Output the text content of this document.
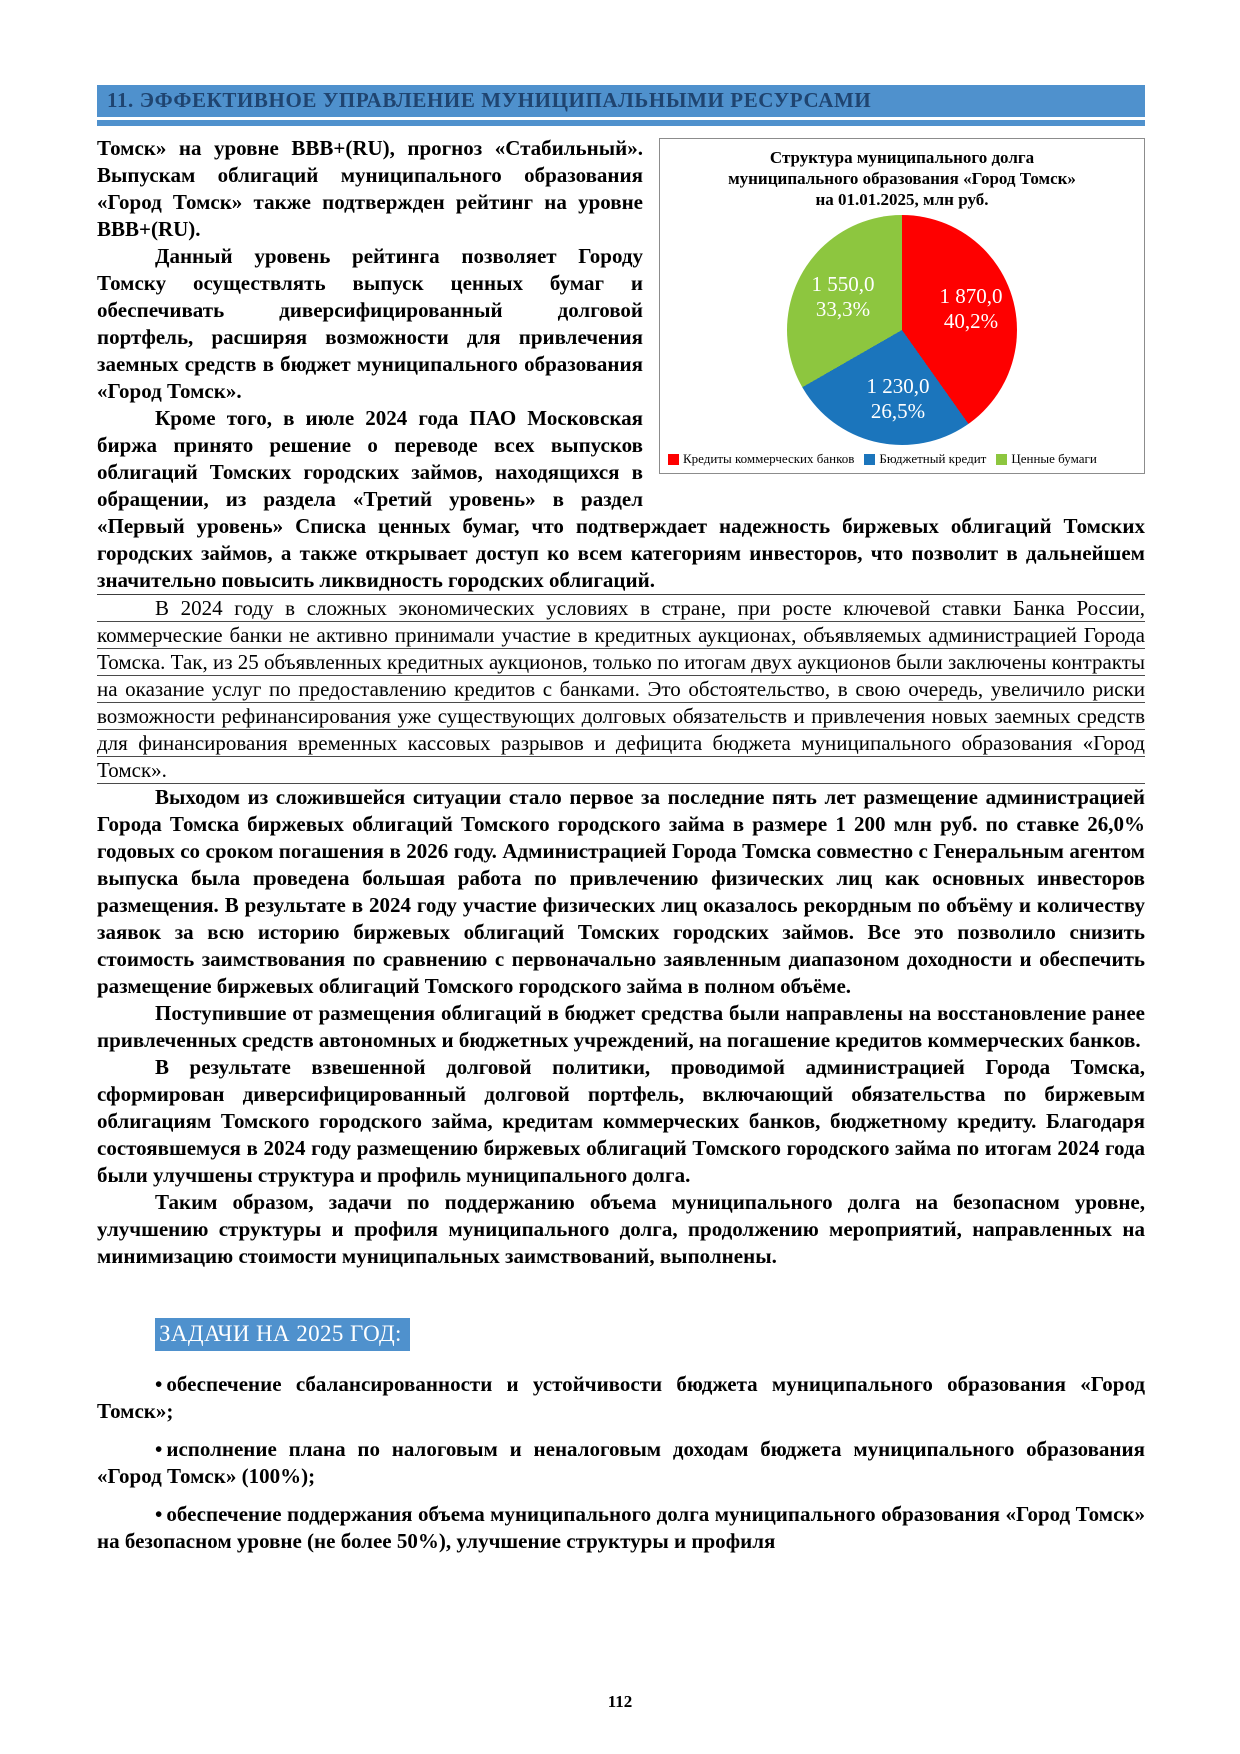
11. ЭФФЕКТИВНОЕ УПРАВЛЕНИЕ МУНИЦИПАЛЬНЫМИ РЕСУРСАМИ
Структура муниципального долга
муниципального образования «Город Томск»
на 01.01.2025, млн руб.
1 870,0
40,2%
1 230,0
26,5%
1 550,0
33,3%
Кредиты коммерческих банков Бюджетный кредит Ценные бумаги

Томск» на уровне BBB+(RU), прогноз «Стабильный». Выпускам облигаций муниципального образования «Город Томск» также подтвержден рейтинг на уровне BBB+(RU).

Данный уровень рейтинга позволяет Городу Томску осуществлять выпуск ценных бумаг и обеспечивать диверсифицированный долговой портфель, расширяя возможности для привлечения заемных средств в бюджет муниципального образования «Город Томск».

Кроме того, в июле 2024 года ПАО Московская биржа принято решение о переводе всех выпусков облигаций Томских городских займов, находящихся в обращении, из раздела «Третий уровень» в раздел «Первый уровень» Списка ценных бумаг, что подтверждает надежность биржевых облигаций Томских городских займов, а также открывает доступ ко всем категориям инвесторов, что позволит в дальнейшем значительно повысить ликвидность городских облигаций.

В 2024 году в сложных экономических условиях в стране, при росте ключевой ставки Банка России, коммерческие банки не активно принимали участие в кредитных аукционах, объявляемых администрацией Города Томска. Так, из 25 объявленных кредитных аукционов, только по итогам двух аукционов были заключены контракты на оказание услуг по предоставлению кредитов с банками. Это обстоятельство, в свою очередь, увеличило риски возможности рефинансирования уже существующих долговых обязательств и привлечения новых заемных средств для финансирования временных кассовых разрывов и дефицита бюджета муниципального образования «Город Томск».

Выходом из сложившейся ситуации стало первое за последние пять лет размещение администрацией Города Томска биржевых облигаций Томского городского займа в размере 1 200 млн руб. по ставке 26,0% годовых со сроком погашения в 2026 году. Администрацией Города Томска совместно с Генеральным агентом выпуска была проведена большая работа по привлечению физических лиц как основных инвесторов размещения. В результате в 2024 году участие физических лиц оказалось рекордным по объёму и количеству заявок за всю историю биржевых облигаций Томских городских займов. Все это позволило снизить стоимость заимствования по сравнению с первоначально заявленным диапазоном доходности и обеспечить размещение биржевых облигаций Томского городского займа в полном объёме.

Поступившие от размещения облигаций в бюджет средства были направлены на восстановление ранее привлеченных средств автономных и бюджетных учреждений, на погашение кредитов коммерческих банков.

В результате взвешенной долговой политики, проводимой администрацией Города Томска, сформирован диверсифицированный долговой портфель, включающий обязательства по биржевым облигациям Томского городского займа, кредитам коммерческих банков, бюджетному кредиту. Благодаря состоявшемуся в 2024 году размещению биржевых облигаций Томского городского займа по итогам 2024 года были улучшены структура и профиль муниципального долга.

Таким образом, задачи по поддержанию объема муниципального долга на безопасном уровне, улучшению структуры и профиля муниципального долга, продолжению мероприятий, направленных на минимизацию стоимости муниципальных заимствований, выполнены.

ЗАДАЧИ НА 2025 ГОД:

• обеспечение сбалансированности и устойчивости бюджета муниципального образования «Город Томск»;

• исполнение плана по налоговым и неналоговым доходам бюджета муниципального образования «Город Томск» (100%);

• обеспечение поддержания объема муниципального долга муниципального образования «Город Томск» на безопасном уровне (не более 50%), улучшение структуры и профиля

112
